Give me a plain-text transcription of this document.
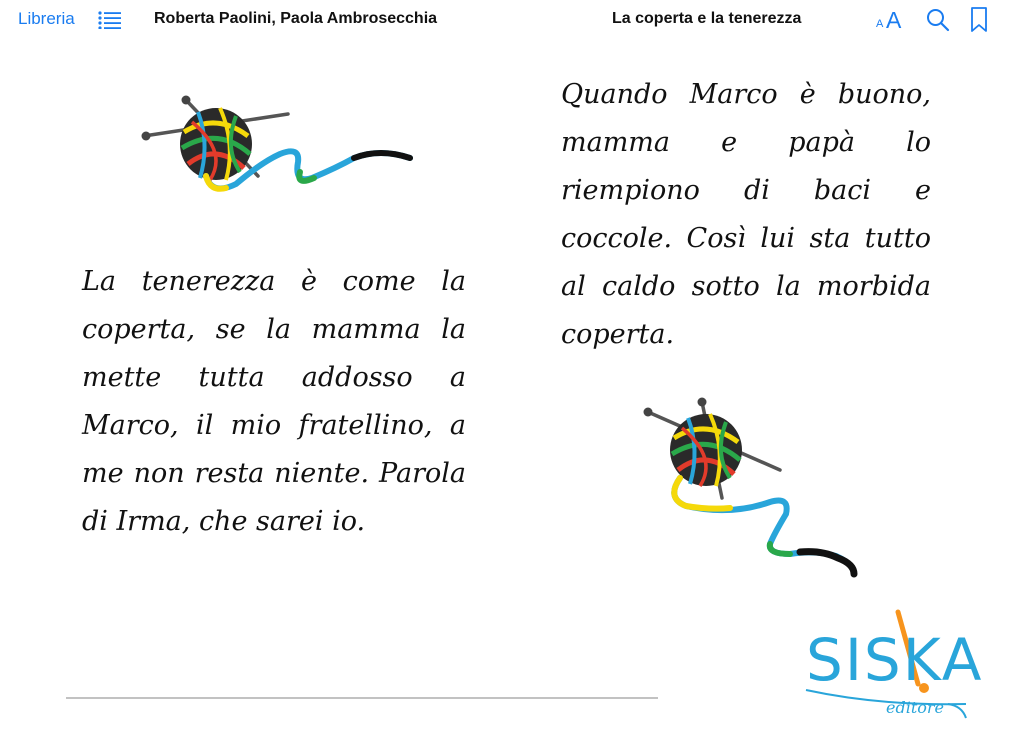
Libreria	Roberta Paolini, Paola Ambrosecchia	La coperta e la tenerezza	A A
La tenerezza è come la coperta, se la mamma la mette tutta addosso a Marco, il mio fratellino, a me non resta niente. Parola di Irma, che sarei io.
Quando Marco è buono, mamma e papà lo riempiono di baci e coccole. Così lui sta tutto al caldo sotto la morbida coperta.
SISKA
editore
